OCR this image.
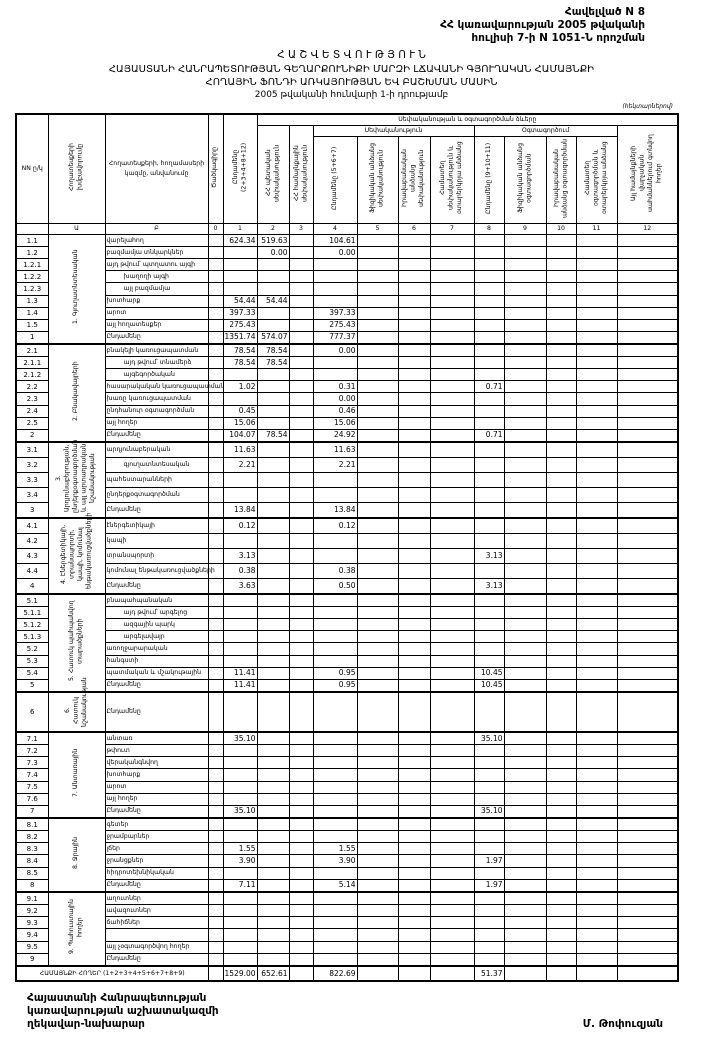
Հավելված N 8
ՀՀ կառավարության 2005 թվականի
հուլիսի 7-ի N 1051-Ն որոշման
Հ Ա Շ Վ Ե Տ Վ Ո Ւ Թ Յ Ո Ւ Ն
ՀԱՅԱՍՏԱՆԻ ՀԱՆՐԱՊԵՏՈՒԹՅԱՆ ԳԵՂԱՐՔՈՒՆԻՔԻ ՄԱՐԶԻ ԼՃԱՎԱՆԻ ԳՅՈՒՂԱԿԱՆ ՀԱՄԱՅՆՔԻ
ՀՈՂԱՅԻՆ ՖՈՆԴԻ ԱՌԿԱՅՈՒԹՅԱՆ ԵՎ ԲԱՇԽՄԱՆ ՄԱՍԻՆ
2005 թվականի հունվարի 1-ի դրությամբ
(հեկտարներով)
NN ը/կ	Հողատեսքերի խմբավորումը	Հողատեսքերի, հողամասերի կազմը, անվանումը	Ծածկագիրը	Ընդամենը (2+3+4+8+12)	Սեփականության և օգտագործման ձևերը										
					ՀՀ պետական սեփականություն	ՀՀ համայնքային սեփականություն	Սեփականություն				Օգտագործում				Այլ համայնքների վարչական սահմաններում գտնվող հողեր
							Ընդամենը (5+6+7)	Ֆիզիկական անձանց սեփականություն	Իրավաբանական անձանց սեփականություն	Համատեղ սեփականություն և օտարերկրյա անձանց	Ընդամենը (9+10+11)	Ֆիզիկական անձանց օգտագործման	Իրավաբանական անձանց օգտագործման	Համատեղ օգտագործման և օտարերկրյա անձանց	
	Ա	Բ	0	1	2	3	4	5	6	7	8	9	10	11	12
1.1	1. Գյուղատնտեսական	վարելահող		624.34	519.63		104.61								
1.2		բազմամյա տնկարկներ			0.00		0.00								
1.2.1		այդ թվում՝ պտղատու այգի													
1.2.2		խաղողի այգի													
1.2.3		այլ բազմամյա													
1.3		խոտհարք		54.44	54.44										
1.4		արոտ		397.33			397.33								
1.5		այլ հողատեսքեր		275.43			275.43								
1		Ընդամենը		1351.74	574.07		777.37								
2.1	2. Բնակավայրերի	բնակելի կառուցապատման		78.54	78.54		0.00								
2.1.1		այդ թվում՝ տնամերձ		78.54	78.54										
2.1.2		այգեգործական													
2.2		հասարակական կառուցապատման		1.02			0.31				0.71				
2.3		խառը կառուցապատման					0.00								
2.4		ընդհանուր օգտագործման		0.45			0.46								
2.5		այլ հողեր		15.06			15.06								
2		Ընդամենը		104.07	78.54		24.92				0.71				
3.1	3. Արդյունաբերության, ընդերքօգտագործման և այլ արտադրական նշանակության	արդյունաբերական		11.63			11.63								
3.2		գյուղատնտեսական		2.21			2.21								
3.3		պահեստարանների													
3.4		ընդերքօգտագործման													
3		Ընդամենը		13.84			13.84								
4.1	4. Էներգետիկայի, տրանսպորտի, կապի, կոմունալ ենթակառուցվածքների	էներգետիկայի		0.12			0.12								
4.2		կապի													
4.3		տրանսպորտի		3.13							3.13				
4.4		կոմունալ ենթակառուցվածքների		0.38			0.38								
4		Ընդամենը		3.63			0.50				3.13				
5.1	5. Հատուկ պահպանվող տարածքների	բնապահպանական													
5.1.1		այդ թվում՝ արգելոց													
5.1.2		ազգային պարկ													
5.1.3		արգելավայր													
5.2		առողջարարական													
5.3		հանգստի													
5.4		պատմական և մշակութային		11.41			0.95				10.45				
5		Ընդամենը		11.41			0.95				10.45				
6	6. Հատուկ նշանակության	Ընդամենը													
7.1	7. Անտառային	անտառ		35.10							35.10				
7.2		թփուտ													
7.3		վերականգնվող													
7.4		խոտհարք													
7.5		արոտ													
7.6		այլ հողեր													
7		Ընդամենը		35.10							35.10				
8.1	8. Ջրային	գետեր													
8.2		ջրամբարներ													
8.3		լճեր		1.55			1.55								
8.4		ջրանցքներ		3.90			3.90				1.97				
8.5		հիդրոտեխնիկական													
8		Ընդամենը		7.11			5.14				1.97				
9.1	9. Պահուստային հողեր	աղուտներ													
9.2		ավազուտներ													
9.3		ճահիճներ													
9.4															
9.5		այլ չօգտագործվող հողեր													
9		Ընդամենը													
ՀԱՄԱՅՆՔԻ ՀՈՂԵՐ (1+2+3+4+5+6+7+8+9)				1529.00	652.61		822.69				51.37				
Հայաստանի Հանրապետության
կառավարության աշխատակազմի
ղեկավար-նախարար	Մ. Թոփուզյան
